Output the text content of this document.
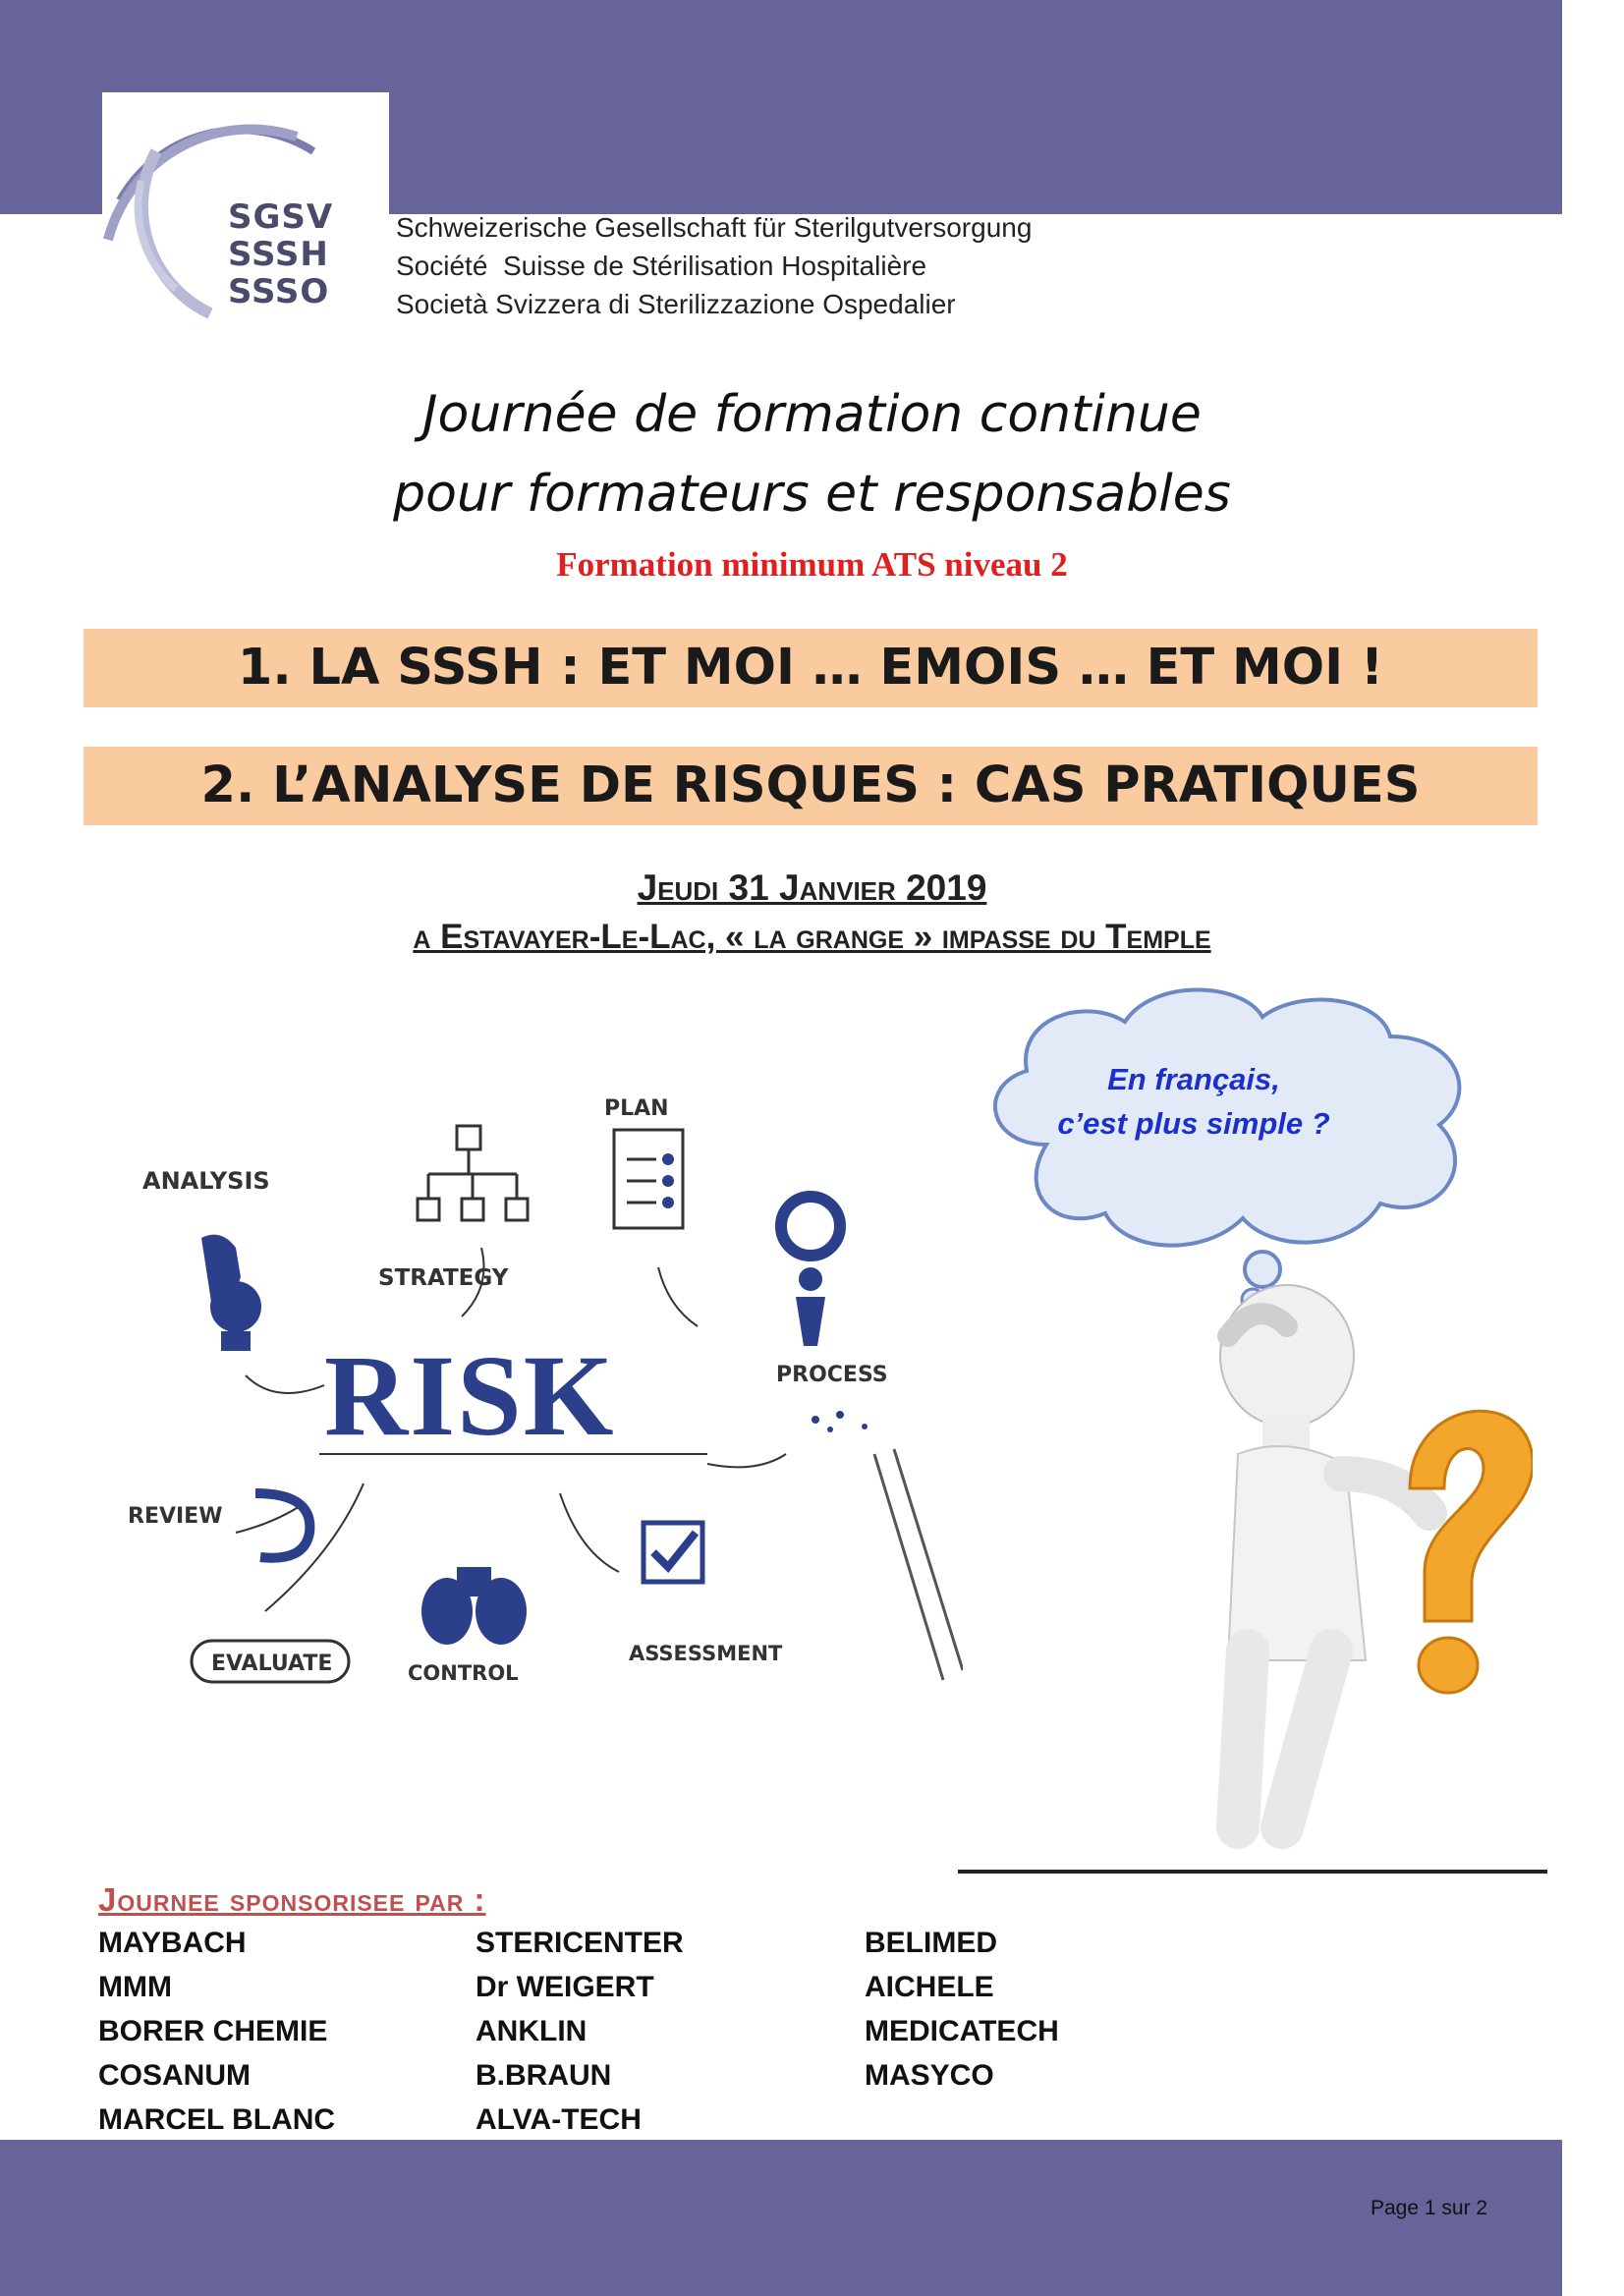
SGSV
SSSH
SSSO
Schweizerische Gesellschaft für Sterilgutversorgung
Société  Suisse de Stérilisation Hospitalière
Società Svizzera di Sterilizzazione Ospedalier
Journée de formation continue
pour formateurs et responsables
Formation minimum ATS niveau 2
1. LA SSSH : ET MOI … EMOIS … ET MOI !
2. L’ANALYSE DE RISQUES : CAS PRATIQUES
Jeudi 31 Janvier 2019
a Estavayer-Le-Lac, « la grange » impasse du Temple
ANALYSIS
STRATEGY
PLAN
PROCESS
RISK
REVIEW
EVALUATE	CONTROL
ASSESSMENT
En français,
c’est plus simple ?
Journee sponsorisee par :
MAYBACH
MMM
BORER CHEMIE
COSANUM
MARCEL BLANC
STERICENTER
Dr WEIGERT
ANKLIN
B.BRAUN
ALVA-TECH
BELIMED
AICHELE
MEDICATECH
MASYCO
Page 1 sur 2
